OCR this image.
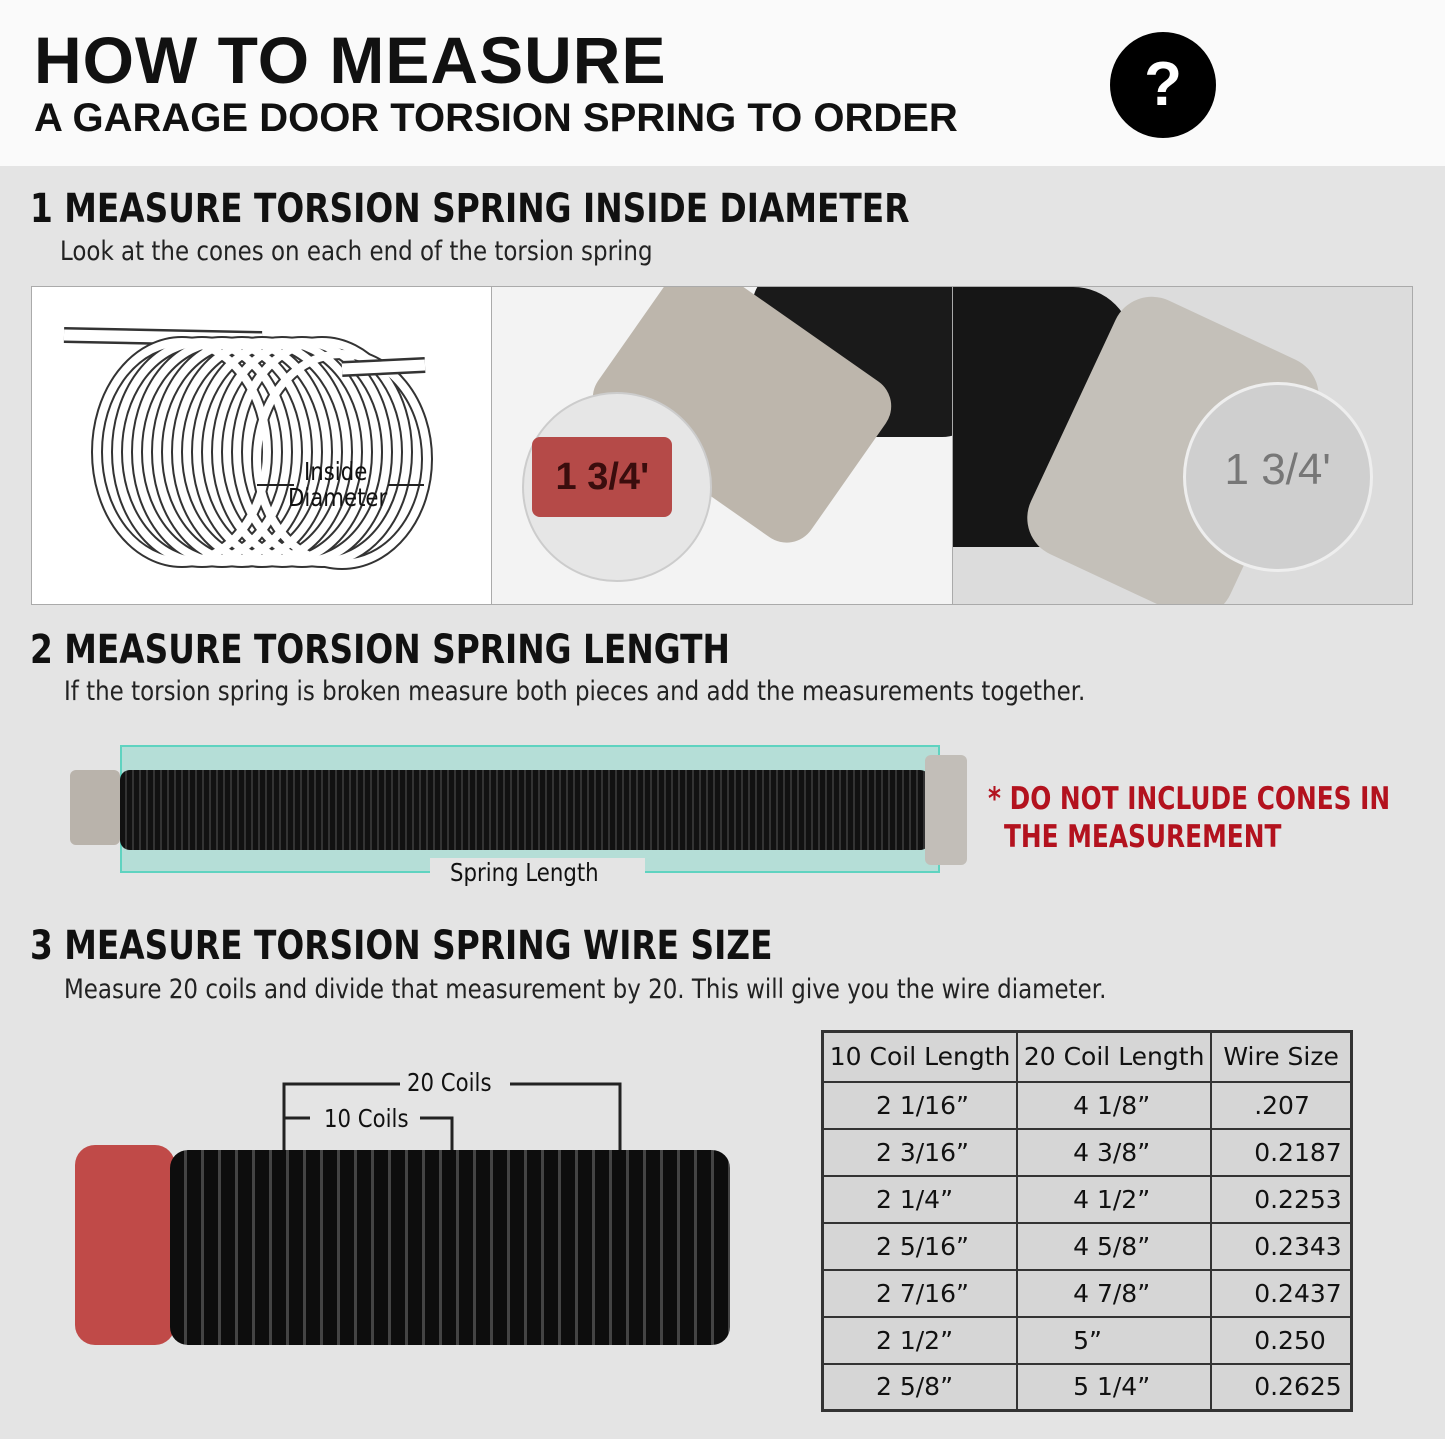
HOW TO MEASURE
A GARAGE DOOR TORSION SPRING TO ORDER	?
1 MEASURE TORSION SPRING INSIDE DIAMETER
Look at the cones on each end of the torsion spring
Inside
Diameter	1 3/4'	1 3/4'
2 MEASURE TORSION SPRING LENGTH
If the torsion spring is broken measure both pieces and add the measurements together.
Spring Length
* DO NOT INCLUDE CONES IN
THE MEASUREMENT
3 MEASURE TORSION SPRING WIRE SIZE
Measure 20 coils and divide that measurement by 20. This will give you the wire diameter.
20 Coils
10 Coils
10 Coil Length	20 Coil Length	Wire Size
2 1/16”	4 1/8”	.207
2 3/16”	4 3/8”	0.2187
2 1/4”	4 1/2”	0.2253
2 5/16”	4 5/8”	0.2343
2 7/16”	4 7/8”	0.2437
2 1/2”	5”	0.250
2 5/8”	5 1/4”	0.2625
